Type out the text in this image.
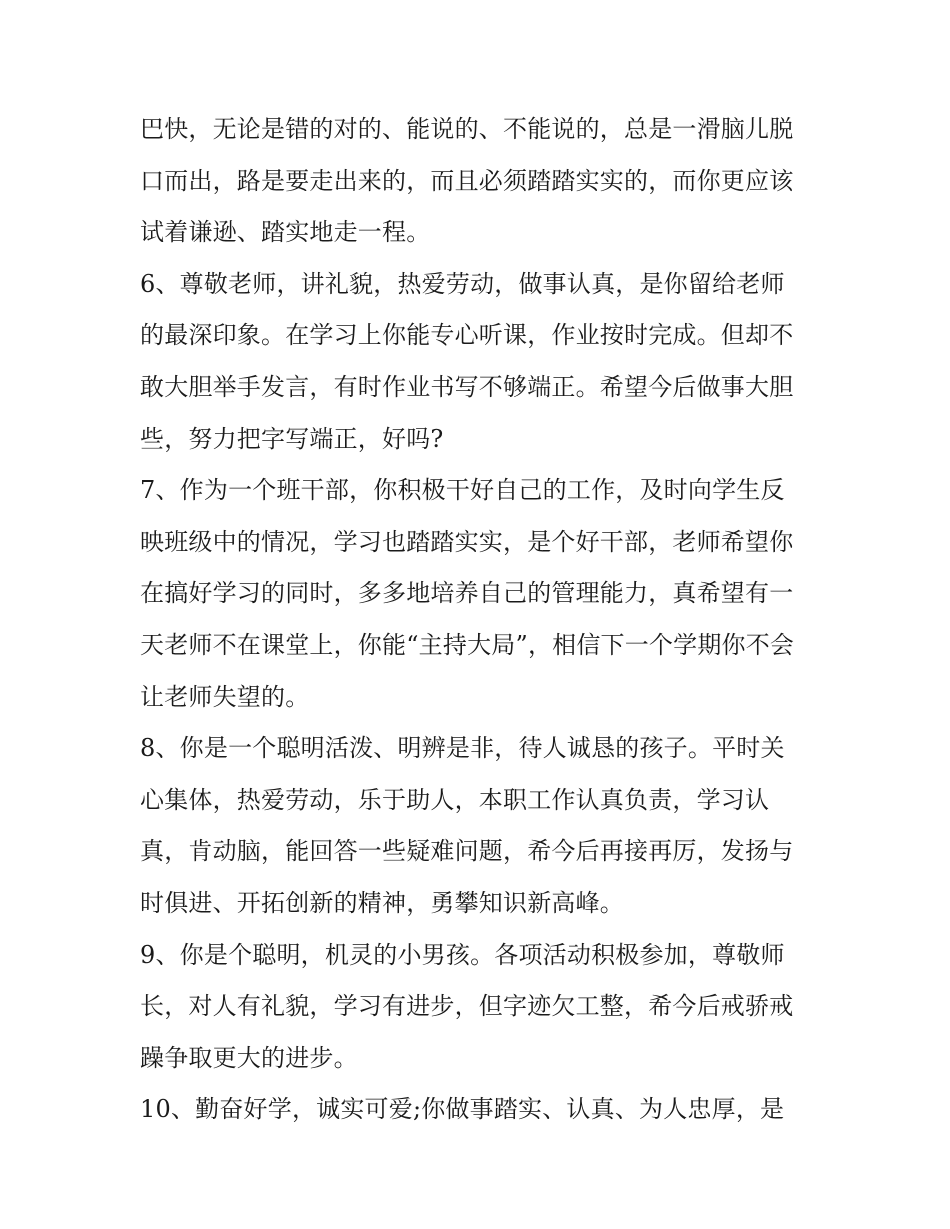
巴快，无论是错的对的、能说的、不能说的，总是一滑脑儿脱
口而出，路是要走出来的，而且必须踏踏实实的，而你更应该
试着谦逊、踏实地走一程。
6、尊敬老师，讲礼貌，热爱劳动，做事认真，是你留给老师
的最深印象。在学习上你能专心听课，作业按时完成。但却不
敢大胆举手发言，有时作业书写不够端正。希望今后做事大胆
些，努力把字写端正，好吗?
7、作为一个班干部，你积极干好自己的工作，及时向学生反
映班级中的情况，学习也踏踏实实，是个好干部，老师希望你
在搞好学习的同时，多多地培养自己的管理能力，真希望有一
天老师不在课堂上，你能“主持大局”，相信下一个学期你不会
让老师失望的。
8、你是一个聪明活泼、明辨是非，待人诚恳的孩子。平时关
心集体，热爱劳动，乐于助人，本职工作认真负责，学习认
真，肯动脑，能回答一些疑难问题，希今后再接再厉，发扬与
时俱进、开拓创新的精神，勇攀知识新高峰。
9、你是个聪明，机灵的小男孩。各项活动积极参加，尊敬师
长，对人有礼貌，学习有进步，但字迹欠工整，希今后戒骄戒
躁争取更大的进步。
10、勤奋好学，诚实可爱;你做事踏实、认真、为人忠厚，是
